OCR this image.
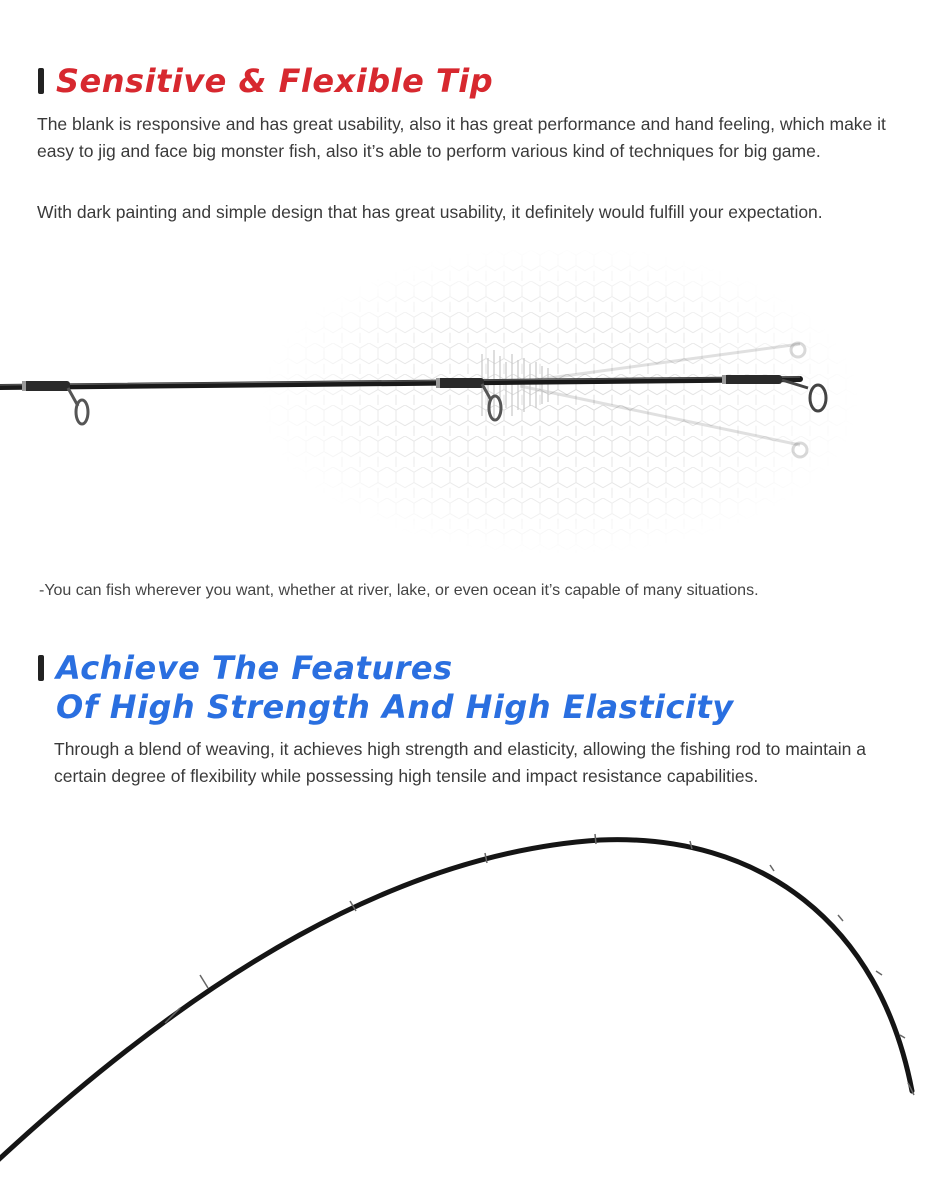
Sensitive & Flexible Tip

The blank is responsive and has great usability, also it has great performance and hand feeling, which make it easy to jig and face big monster fish, also it’s able to perform various kind of techniques for big game.

With dark painting and simple design that has great usability, it definitely would fulfill your expectation.

-You can fish wherever you want, whether at river, lake, or even ocean it’s capable of many situations.

Achieve The Features
Of High Strength And High Elasticity

Through a blend of weaving, it achieves high strength and elasticity, allowing the fishing rod to maintain a certain degree of flexibility while possessing high tensile and impact resistance capabilities.
